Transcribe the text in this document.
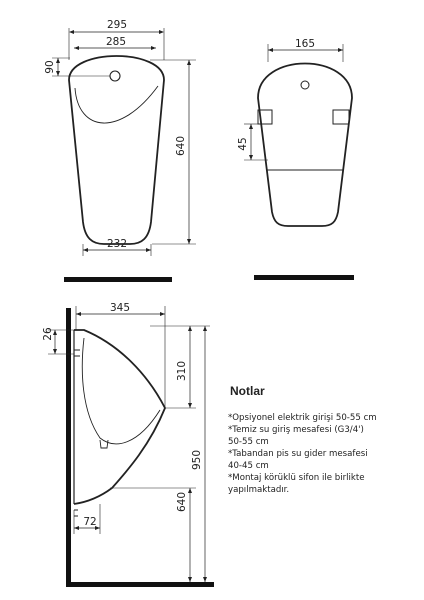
295
285
90
640
232
165
45
345
26
310
950
640
72
Notlar
*Opsiyonel elektrik girişi 50-55 cm
*Temiz su giriş mesafesi (G3/4')
50-55 cm
*Tabandan pis su gider mesafesi
40-45 cm
*Montaj körüklü sifon ile birlikte
yapılmaktadır.
